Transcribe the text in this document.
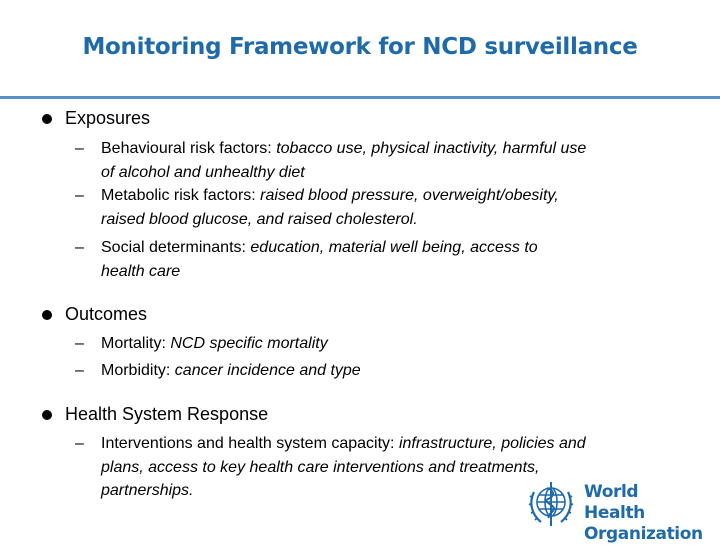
Monitoring Framework for NCD surveillance
Exposures
– Behavioural risk factors: tobacco use, physical inactivity, harmful use
of alcohol and unhealthy diet
– Metabolic risk factors: raised blood pressure, overweight/obesity,
raised blood glucose, and raised cholesterol.
– Social determinants: education, material well being, access to
health care
Outcomes
– Mortality: NCD specific mortality
– Morbidity: cancer incidence and type
Health System Response
– Interventions and health system capacity: infrastructure, policies and
plans, access to key health care interventions and treatments,
partnerships.	World Health
Organization
